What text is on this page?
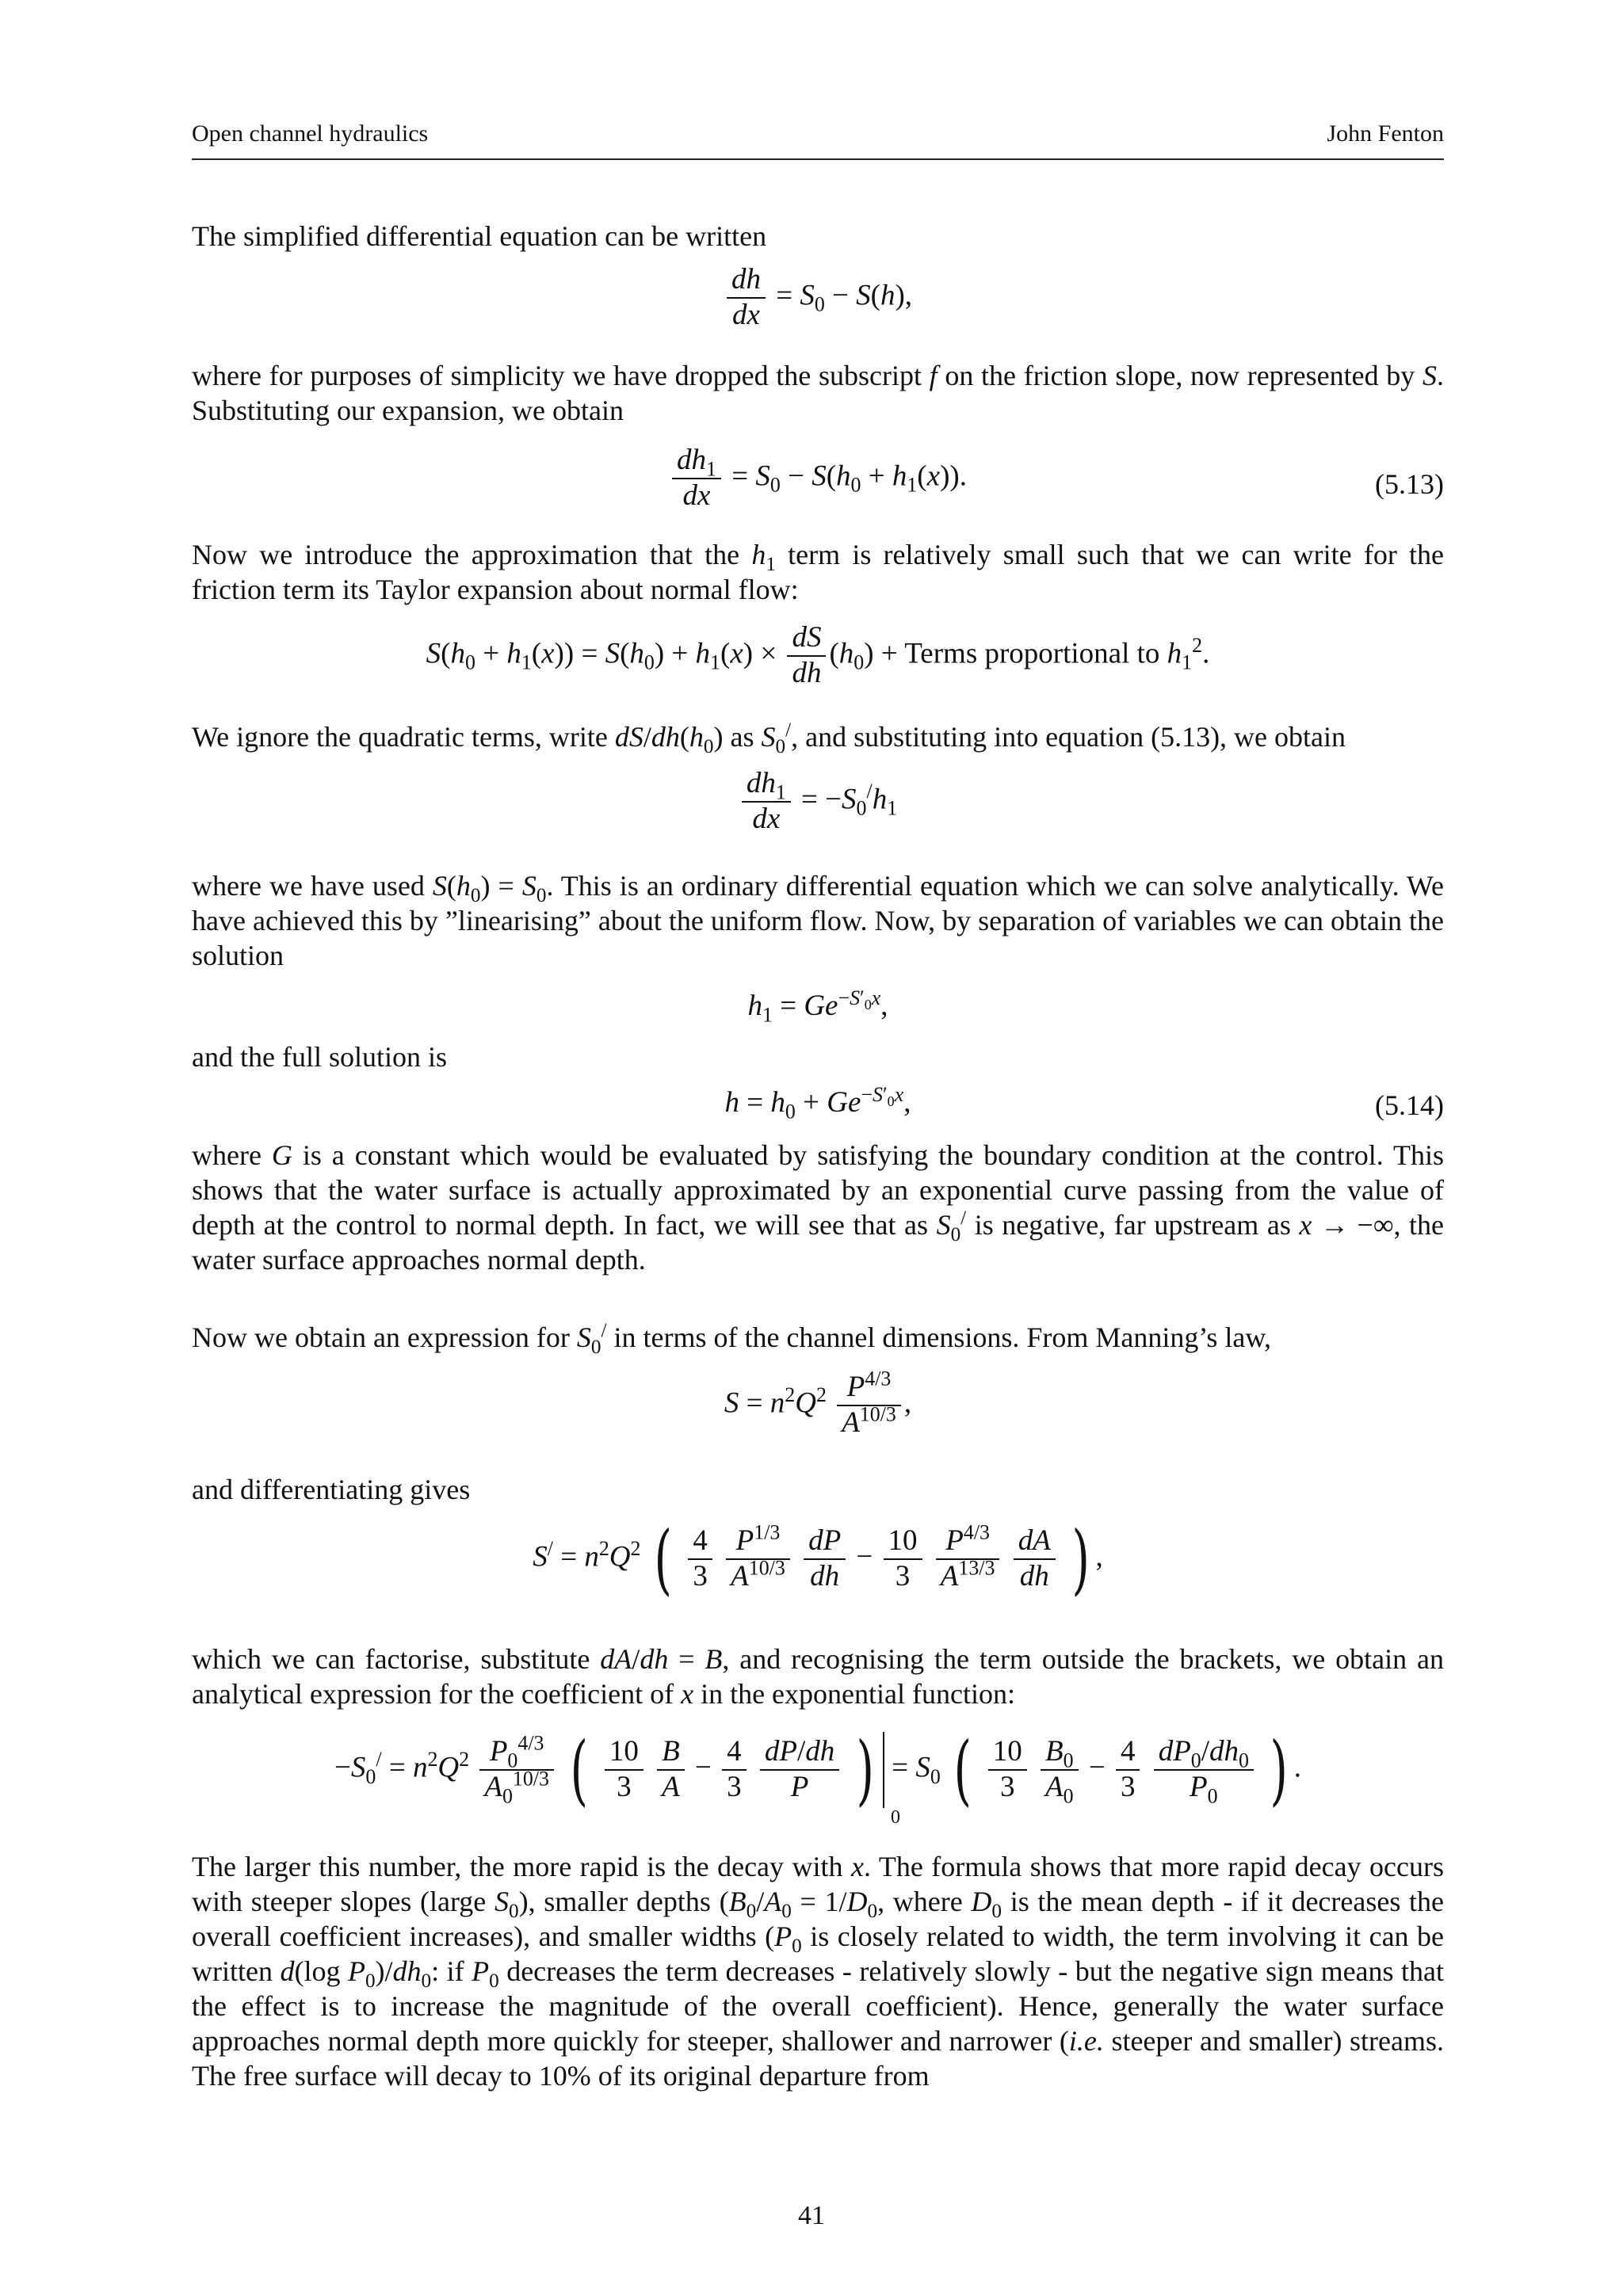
Open channel hydraulics	John Fenton
The simplified differential equation can be written
$\frac{dh}{dx} = S_0 - S(h)$,
where for purposes of simplicity we have dropped the subscript f on the friction slope, now represented by S. Substituting our expansion, we obtain
$\frac{dh_1}{dx} = S_0 - S(h_0 + h_1(x))$.	(5.13)
Now we introduce the approximation that the $h_1$ term is relatively small such that we can write for the friction term its Taylor expansion about normal flow:
$S(h_0 + h_1(x)) = S(h_0) + h_1(x) \times \frac{dS}{dh} (h_0)$ + Terms proportional to $h_1^2$.
We ignore the quadratic terms, write $dS/dh(h_0)$ as $S_0^/$, and substituting into equation (5.13), we obtain
$\frac{dh_1}{dx} = -S_0^/h_1$
where we have used $S(h_0) = S_0$. This is an ordinary differential equation which we can solve analytically. We have achieved this by ”linearising” about the uniform flow. Now, by separation of variables we can obtain the solution
$h_1 = Ge^{-S'_0x}$,
and the full solution is
$h = h_0 + Ge^{-S'_0x}$,	(5.14)
where G is a constant which would be evaluated by satisfying the boundary condition at the control. This shows that the water surface is actually approximated by an exponential curve passing from the value of depth at the control to normal depth. In fact, we will see that as $S_0^/$ is negative, far upstream as x → −∞, the water surface approaches normal depth.
Now we obtain an expression for $S_0^/$ in terms of the channel dimensions. From Manning’s law,
$S = n^2Q^2 \frac{P^{4/3}}{A^{10/3}}$ ,
and differentiating gives
$S^/ = n^2Q^2$ ( $\frac{4}{3}$
$\frac{P^{1/3}}{A^{10/3}}$
$\frac{dP}{dh} - \frac{10}{3}$
$\frac{P^{4/3}}{A^{13/3}}$
$\frac{dA}{dh}$ ) ,
which we can factorise, substitute dA/dh = B, and recognising the term outside the brackets, we obtain an analytical expression for the coefficient of x in the exponential function:
$-S_0^/ = n^2Q^2 \frac{P_0^{4/3}}{A_0^{10/3}}$ ( $\frac{10}{3}$
$\frac{B}{A} - \frac{4}{3}$
$\frac{dP/dh}{P}$ )
0
= $S_0$ ( $\frac{10}{3}$
$\frac{B_0}{A_0} - \frac{4}{3}$
$\frac{dP_0/dh_0}{P_0}$ ) .
The larger this number, the more rapid is the decay with x. The formula shows that more rapid decay occurs with steeper slopes (large $S_0$), smaller depths ($B_0/A_0 = 1/D_0$, where $D_0$ is the mean depth - if it decreases the overall coefficient increases), and smaller widths ($P_0$ is closely related to width, the term involving it can be written d(log $P_0)/dh_0$: if $P_0$ decreases the term decreases - relatively slowly - but the negative sign means that the effect is to increase the magnitude of the overall coefficient). Hence, generally the water surface approaches normal depth more quickly for steeper, shallower and narrower (i.e. steeper and smaller) streams. The free surface will decay to 10% of its original departure from
41
